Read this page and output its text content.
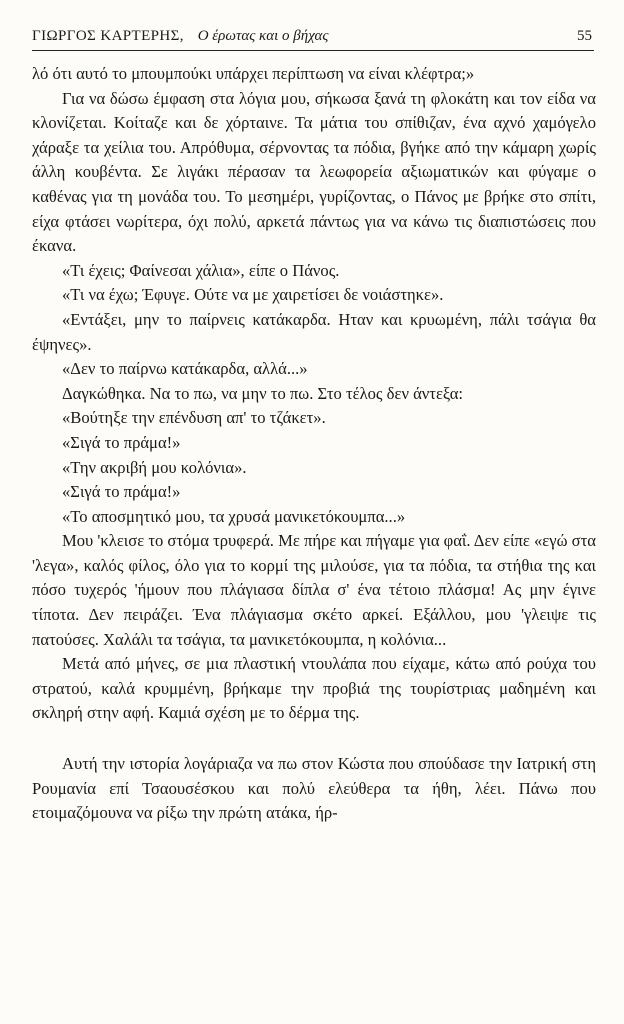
ΓΙΩΡΓΟΣ ΚΑΡΤΕΡΗΣ, Ο έρωτας και ο βήχας	55

λό ότι αυτό το μπουμπούκι υπάρχει περίπτωση να είναι κλέφτρα;»

Για να δώσω έμφαση στα λόγια μου, σήκωσα ξανά τη φλοκάτη και τον είδα να κλονίζεται. Κοίταζε και δε χόρταινε. Τα μάτια του σπίθιζαν, ένα αχνό χαμόγελο χάραξε τα χείλια του. Απρόθυμα, σέρνοντας τα πόδια, βγήκε από την κάμαρη χωρίς άλλη κουβέντα. Σε λιγάκι πέρασαν τα λεωφορεία αξιωματικών και φύγαμε ο καθένας για τη μονάδα του. Το μεσημέρι, γυρίζοντας, ο Πάνος με βρήκε στο σπίτι, είχα φτάσει νωρίτερα, όχι πολύ, αρκετά πάντως για να κάνω τις διαπιστώσεις που έκανα.

«Τι έχεις; Φαίνεσαι χάλια», είπε ο Πάνος.

«Τι να έχω; Έφυγε. Ούτε να με χαιρετίσει δε νοιάστηκε».

«Εντάξει, μην το παίρνεις κατάκαρδα. Ηταν και κρυωμένη, πάλι τσάγια θα έψηνες».

«Δεν το παίρνω κατάκαρδα, αλλά...»

Δαγκώθηκα. Να το πω, να μην το πω. Στο τέλος δεν άντεξα:

«Βούτηξε την επένδυση απ' το τζάκετ».

«Σιγά το πράμα!»

«Την ακριβή μου κολόνια».

«Σιγά το πράμα!»

«Το αποσμητικό μου, τα χρυσά μανικετόκουμπα...»

Μου 'κλεισε το στόμα τρυφερά. Με πήρε και πήγαμε για φαΐ. Δεν είπε «εγώ στα 'λεγα», καλός φίλος, όλο για το κορμί της μιλούσε, για τα πόδια, τα στήθια της και πόσο τυχερός 'ήμουν που πλάγιασα δίπλα σ' ένα τέτοιο πλάσμα! Ας μην έγινε τίποτα. Δεν πειράζει. Ένα πλάγιασμα σκέτο αρκεί. Εξάλλου, μου 'γλειψε τις πατούσες. Χαλάλι τα τσάγια, τα μανικετόκουμπα, η κολόνια...

Μετά από μήνες, σε μια πλαστική ντουλάπα που είχαμε, κάτω από ρούχα του στρατού, καλά κρυμμένη, βρήκαμε την προβιά της τουρίστριας μαδημένη και σκληρή στην αφή. Καμιά σχέση με το δέρμα της.

Αυτή την ιστορία λογάριαζα να πω στον Κώστα που σπούδασε την Ιατρική στη Ρουμανία επί Τσαουσέσκου και πολύ ελεύθερα τα ήθη, λέει. Πάνω που ετοιμαζόμουνα να ρίξω την πρώτη ατάκα, ήρ-
